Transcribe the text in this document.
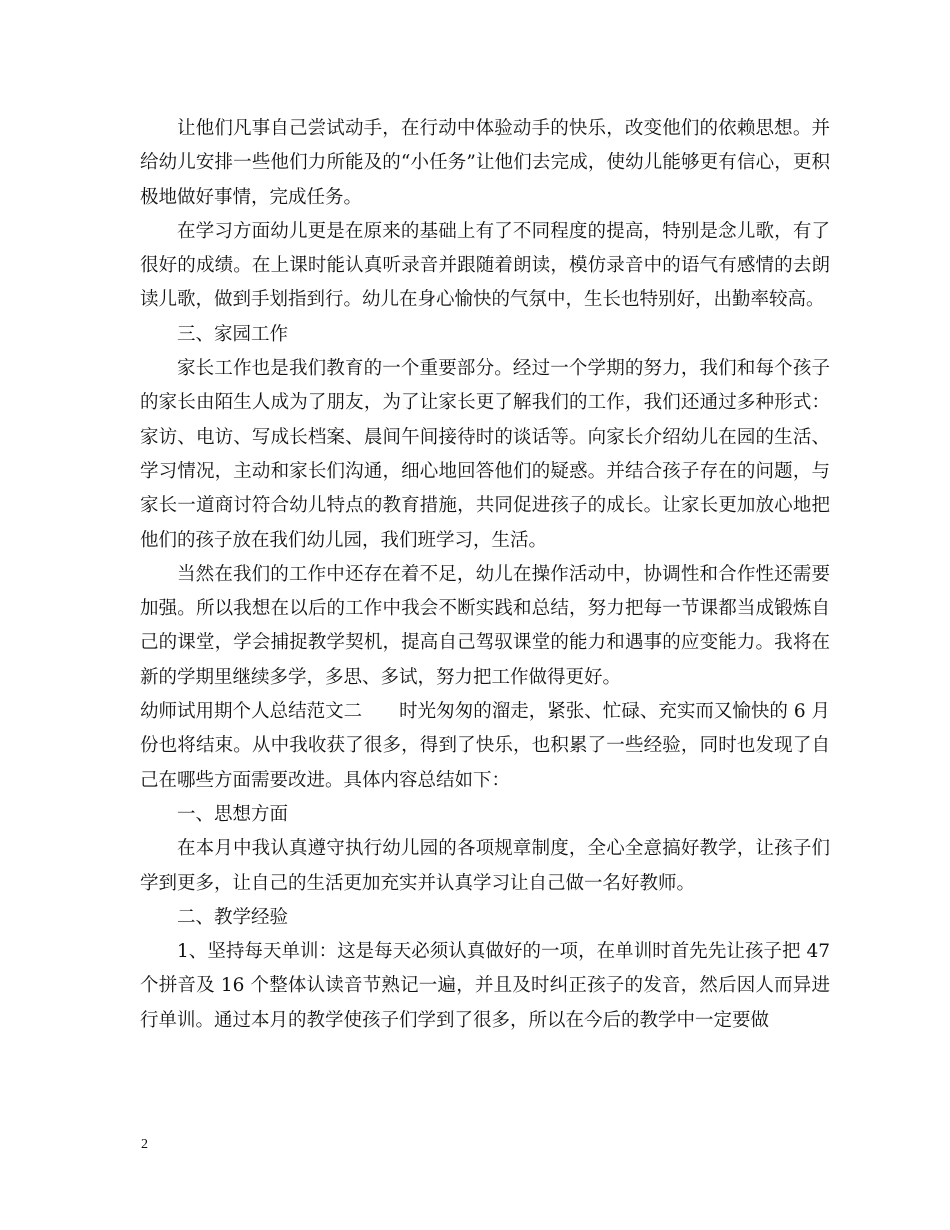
让他们凡事自己尝试动手，在行动中体验动手的快乐，改变他们的依赖思想。并给幼儿安排一些他们力所能及的“小任务”让他们去完成，使幼儿能够更有信心，更积极地做好事情，完成任务。

在学习方面幼儿更是在原来的基础上有了不同程度的提高，特别是念儿歌，有了很好的成绩。在上课时能认真听录音并跟随着朗读，模仿录音中的语气有感情的去朗读儿歌，做到手划指到行。幼儿在身心愉快的气氛中，生长也特别好，出勤率较高。

三、家园工作

家长工作也是我们教育的一个重要部分。经过一个学期的努力，我们和每个孩子的家长由陌生人成为了朋友，为了让家长更了解我们的工作，我们还通过多种形式：家访、电访、写成长档案、晨间午间接待时的谈话等。向家长介绍幼儿在园的生活、学习情况，主动和家长们沟通，细心地回答他们的疑惑。并结合孩子存在的问题，与家长一道商讨符合幼儿特点的教育措施，共同促进孩子的成长。让家长更加放心地把他们的孩子放在我们幼儿园，我们班学习，生活。

当然在我们的工作中还存在着不足，幼儿在操作活动中，协调性和合作性还需要加强。所以我想在以后的工作中我会不断实践和总结，努力把每一节课都当成锻炼自己的课堂，学会捕捉教学契机，提高自己驾驭课堂的能力和遇事的应变能力。我将在新的学期里继续多学，多思、多试，努力把工作做得更好。

幼师试用期个人总结范文二　　时光匆匆的溜走，紧张、忙碌、充实而又愉快的 6 月份也将结束。从中我收获了很多，得到了快乐，也积累了一些经验，同时也发现了自己在哪些方面需要改进。具体内容总结如下：

一、思想方面

在本月中我认真遵守执行幼儿园的各项规章制度，全心全意搞好教学，让孩子们学到更多，让自己的生活更加充实并认真学习让自己做一名好教师。

二、教学经验

1、坚持每天单训：这是每天必须认真做好的一项，在单训时首先先让孩子把 47 个拼音及 16 个整体认读音节熟记一遍，并且及时纠正孩子的发音，然后因人而异进行单训。通过本月的教学使孩子们学到了很多，所以在今后的教学中一定要做

2
